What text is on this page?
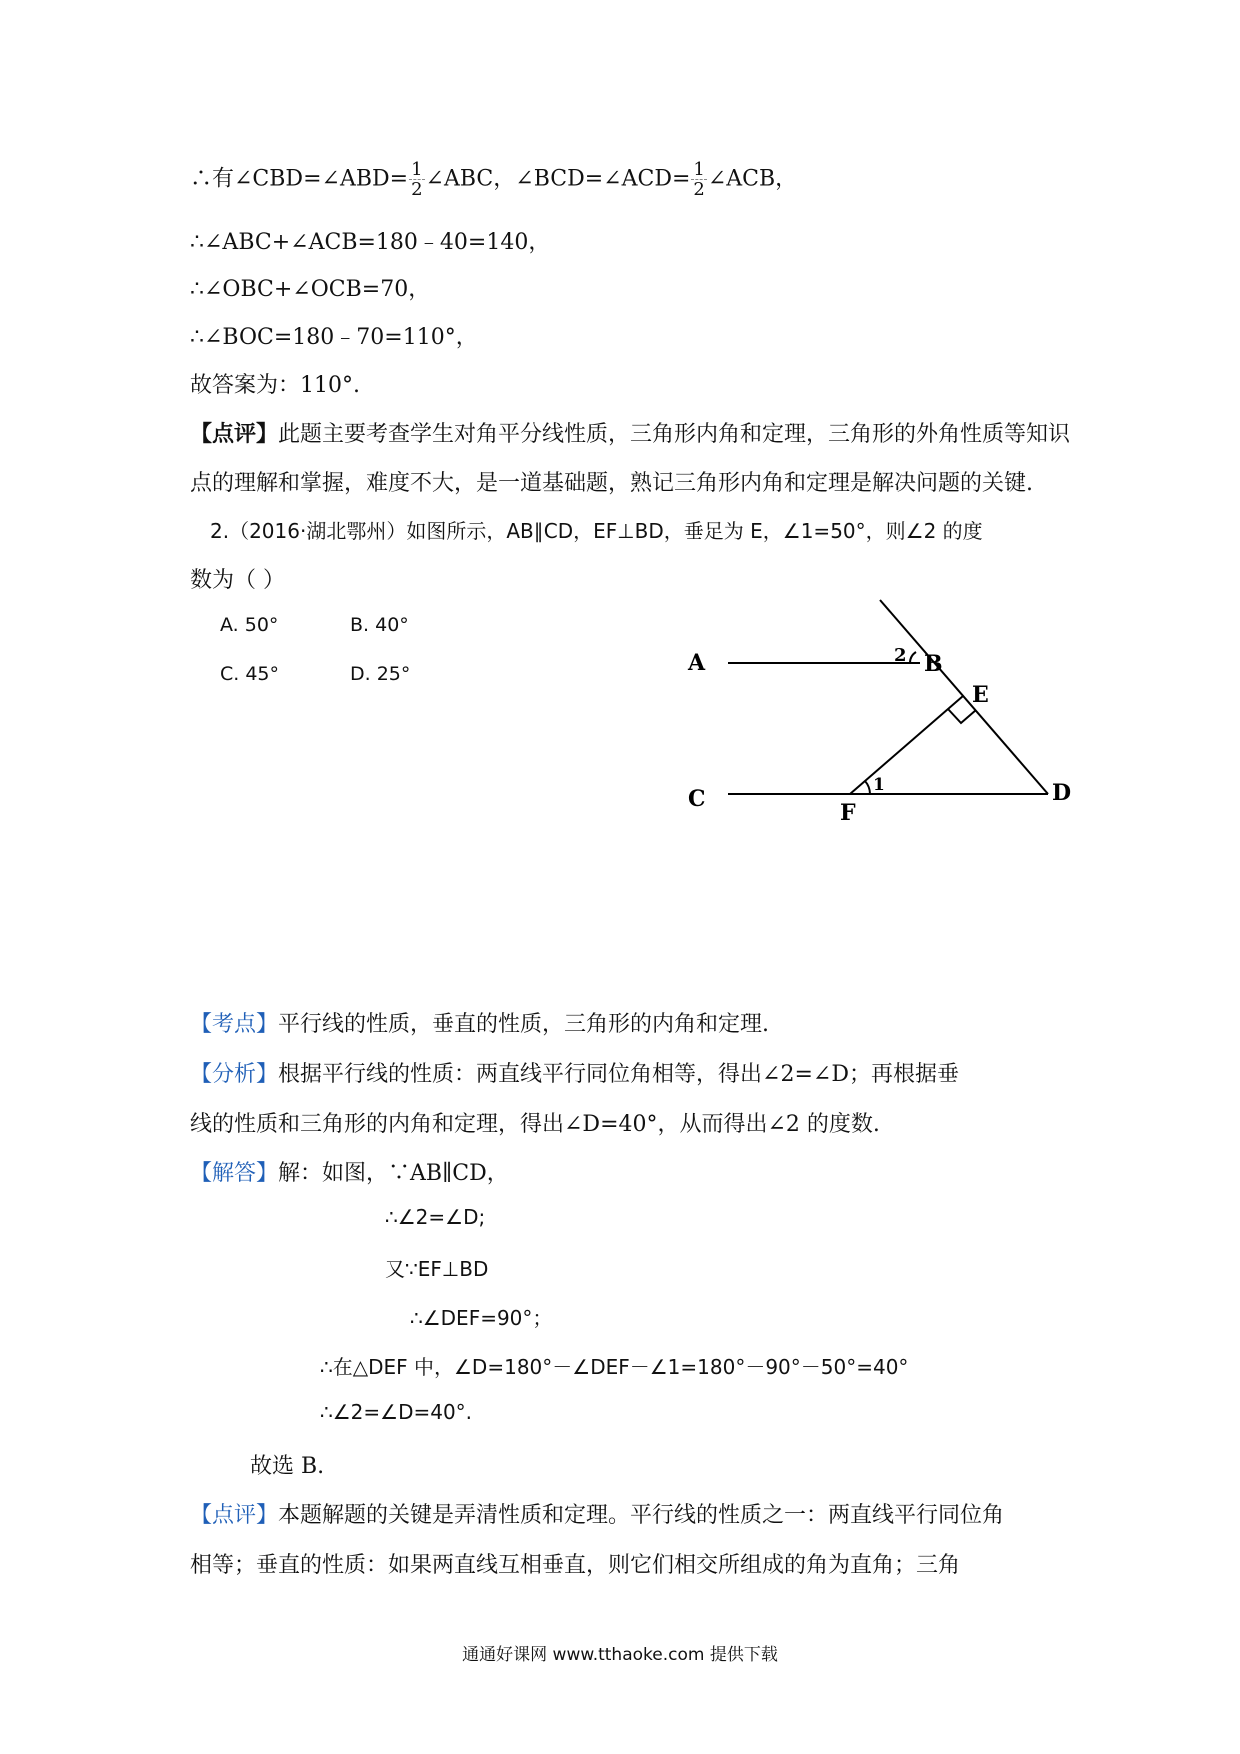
∴有∠CBD=∠ABD= $\frac{1}{2}$ ∠ABC，∠BCD=∠ACD= $\frac{1}{2}$ ∠ACB，
∴∠ABC+∠ACB=180﹣40=140，
∴∠OBC+∠OCB=70，
∴∠BOC=180﹣70=110°，
故答案为：110°.
【点评】此题主要考查学生对角平分线性质，三角形内角和定理，三角形的外角性质等知识
点的理解和掌握，难度不大，是一道基础题，熟记三角形内角和定理是解决问题的关键.
2.（2016·湖北鄂州）如图所示，AB∥CD，EF⊥BD，垂足为 E，∠1=50°，则∠2 的度
数为（ ）
A. 50°	B. 40°
C. 45°	D. 25°	A	B
C	D
E
F
1
2
【考点】平行线的性质，垂直的性质，三角形的内角和定理.
【分析】根据平行线的性质：两直线平行同位角相等，得出∠2=∠D；再根据垂
线的性质和三角形的内角和定理，得出∠D=40°，从而得出∠2 的度数.
【解答】解：如图，∵AB∥CD，
∴∠2=∠D;
又∵EF⊥BD
∴∠DEF=90°；
∴在△DEF 中，∠D=180°－∠DEF－∠1=180°－90°－50°=40°
∴∠2=∠D=40°.
故选 B.
【点评】本题解题的关键是弄清性质和定理。平行线的性质之一：两直线平行同位角
相等；垂直的性质：如果两直线互相垂直，则它们相交所组成的角为直角；三角
通通好课网 www.tthaoke.com 提供下载
